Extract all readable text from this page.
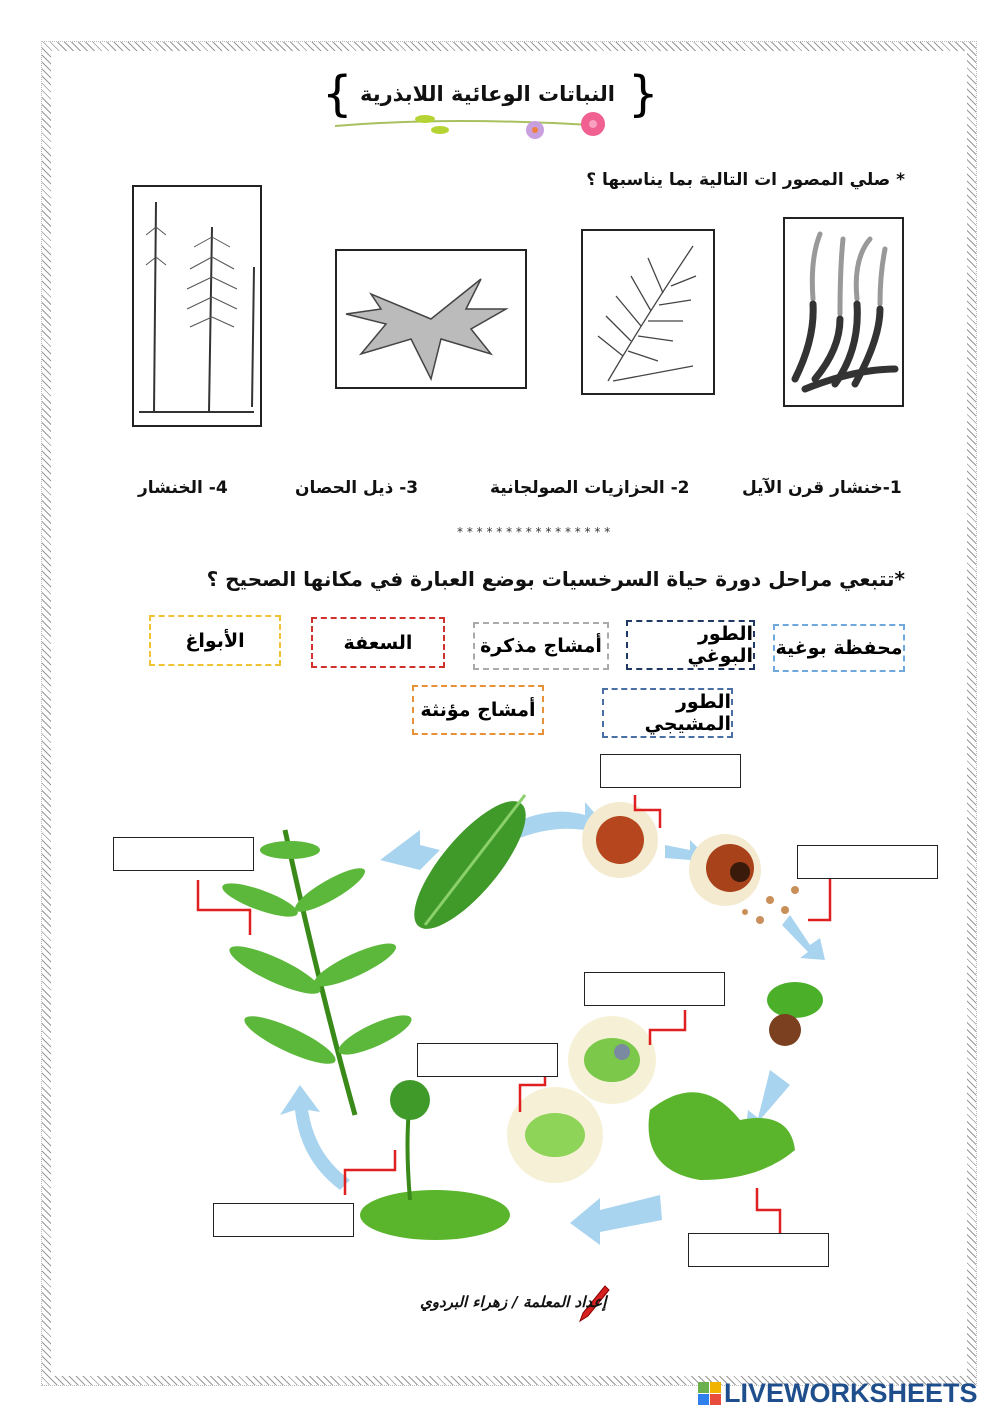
{	}
النباتات الوعائية اللابذرية
* صلي المصور ات التالية بما يناسبها ؟
1-خنشار قرن الآيل
2- الحزازيات الصولجانية
3- ذيل الحصان
4- الخنشار
* * * * * * * * * * * * * * * *
*تتبعي مراحل دورة حياة السرخسيات بوضع العبارة في مكانها الصحيح ؟
محفظة بوغية
الطور البوغي
أمشاج مذكرة
السعفة
الأبواغ
الطور المشيجي
أمشاج مؤنثة
إعداد المعلمة / زهراء البردوي
LIVEWORKSHEETS
